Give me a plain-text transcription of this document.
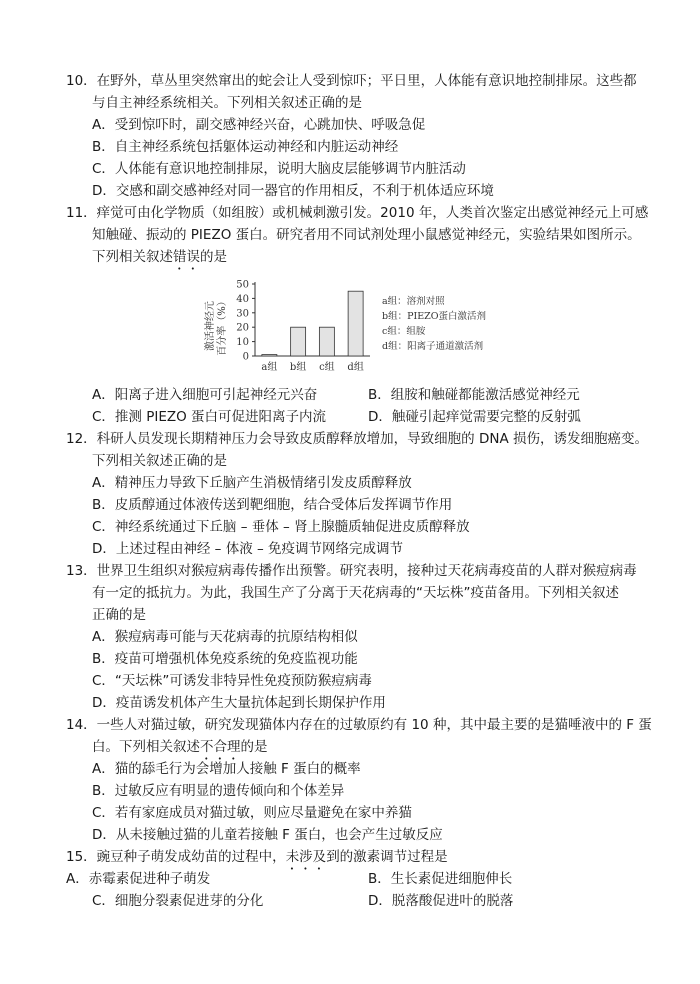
10．在野外，草丛里突然窜出的蛇会让人受到惊吓；平日里，人体能有意识地控制排尿。这些都
与自主神经系统相关。下列相关叙述正确的是
A．受到惊吓时，副交感神经兴奋，心跳加快、呼吸急促
B．自主神经系统包括躯体运动神经和内脏运动神经
C．人体能有意识地控制排尿，说明大脑皮层能够调节内脏活动
D．交感和副交感神经对同一器官的作用相反，不利于机体适应环境
11．痒觉可由化学物质（如组胺）或机械刺激引发。2010 年，人类首次鉴定出感觉神经元上可感
知触碰、振动的 PIEZO 蛋白。研究者用不同试剂处理小鼠感觉神经元，实验结果如图所示。
下列相关叙述错误的是
激活神经元 百分率（%）
a组 b组 c组 d组
0
10
20
30
40
50
a组：溶剂对照
b组：PIEZO蛋白激活剂
c组：组胺
d组：阳离子通道激活剂
A．阳离子进入细胞可引起神经元兴奋	B．组胺和触碰都能激活感觉神经元
C．推测 PIEZO 蛋白可促进阳离子内流	D．触碰引起痒觉需要完整的反射弧
12．科研人员发现长期精神压力会导致皮质醇释放增加，导致细胞的 DNA 损伤，诱发细胞癌变。
下列相关叙述正确的是
A．精神压力导致下丘脑产生消极情绪引发皮质醇释放
B．皮质醇通过体液传送到靶细胞，结合受体后发挥调节作用
C．神经系统通过下丘脑 – 垂体 – 肾上腺髓质轴促进皮质醇释放
D．上述过程由神经 – 体液 – 免疫调节网络完成调节
13．世界卫生组织对猴痘病毒传播作出预警。研究表明，接种过天花病毒疫苗的人群对猴痘病毒
有一定的抵抗力。为此，我国生产了分离于天花病毒的“天坛株”疫苗备用。下列相关叙述
正确的是
A．猴痘病毒可能与天花病毒的抗原结构相似
B．疫苗可增强机体免疫系统的免疫监视功能
C．“天坛株”可诱发非特异性免疫预防猴痘病毒
D．疫苗诱发机体产生大量抗体起到长期保护作用
14．一些人对猫过敏，研究发现猫体内存在的过敏原约有 10 种，其中最主要的是猫唾液中的 F 蛋
白。下列相关叙述不合理的是
A．猫的舔毛行为会增加人接触 F 蛋白的概率
B．过敏反应有明显的遗传倾向和个体差异
C．若有家庭成员对猫过敏，则应尽量避免在家中养猫
D．从未接触过猫的儿童若接触 F 蛋白，也会产生过敏反应
15．豌豆种子萌发成幼苗的过程中，未涉及到的激素调节过程是
A．赤霉素促进种子萌发	B．生长素促进细胞伸长
C．细胞分裂素促进芽的分化	D．脱落酸促进叶的脱落
